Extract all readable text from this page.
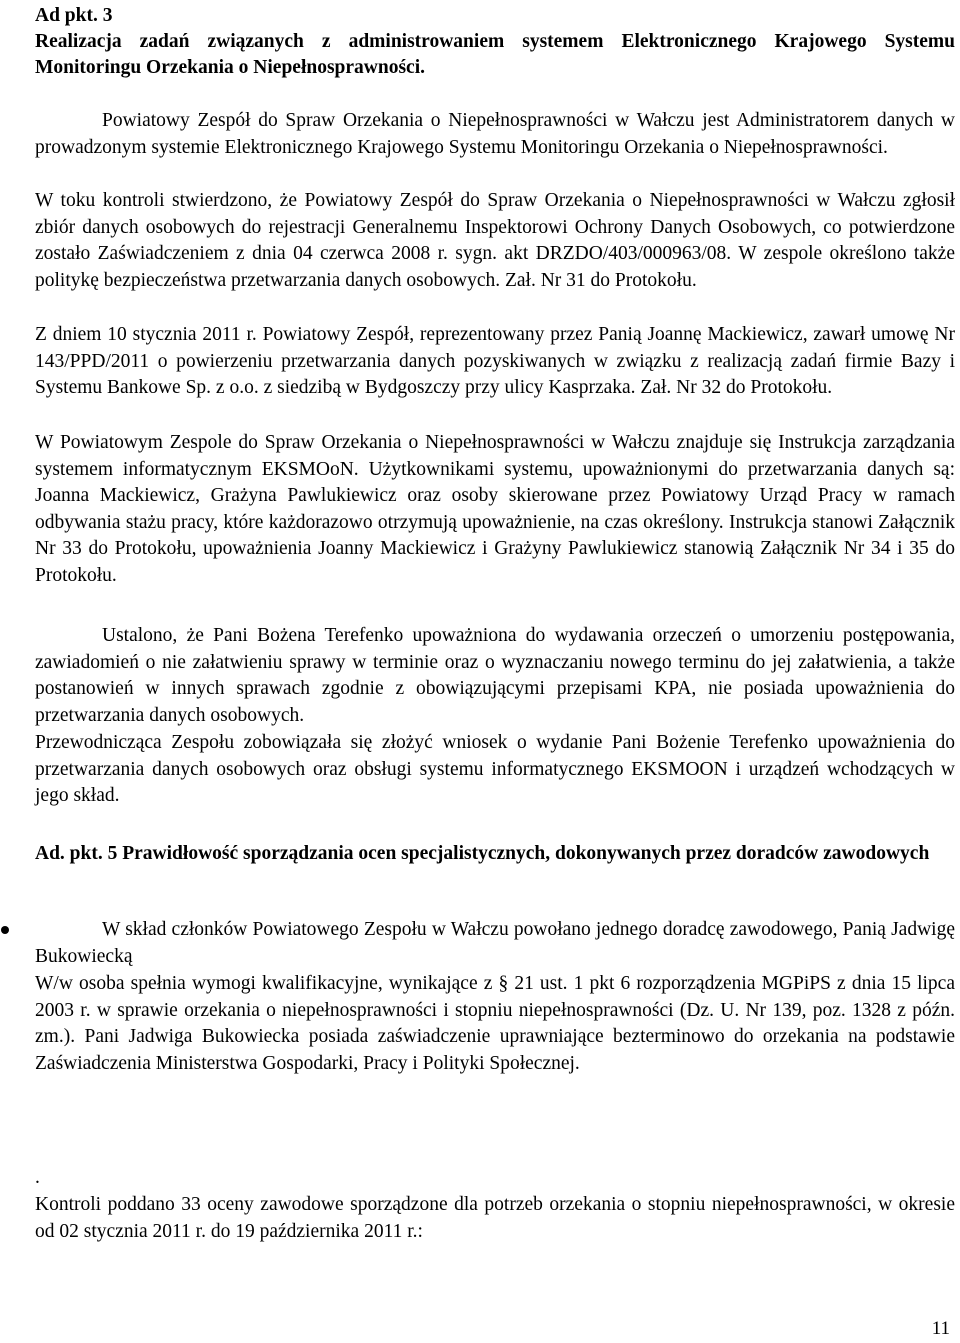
Ad pkt. 3

Realizacja zadań związanych z administrowaniem systemem Elektronicznego Krajowego Systemu Monitoringu Orzekania o Niepełnosprawności.

Powiatowy Zespół do Spraw Orzekania o Niepełnosprawności w Wałczu jest Administratorem danych w prowadzonym systemie Elektronicznego Krajowego Systemu Monitoringu Orzekania o Niepełnosprawności.

W toku kontroli stwierdzono, że Powiatowy Zespół do Spraw Orzekania o Niepełnosprawności w Wałczu zgłosił zbiór danych osobowych do rejestracji Generalnemu Inspektorowi Ochrony Danych Osobowych, co potwierdzone zostało Zaświadczeniem z dnia 04 czerwca 2008 r. sygn. akt DRZDO/403/000963/08. W zespole określono także politykę bezpieczeństwa przetwarzania danych osobowych. Zał. Nr 31 do Protokołu.

Z dniem 10 stycznia 2011 r. Powiatowy Zespół, reprezentowany przez Panią Joannę Mackiewicz, zawarł umowę Nr 143/PPD/2011 o powierzeniu przetwarzania danych pozyskiwanych w związku z realizacją zadań firmie Bazy i Systemu Bankowe Sp. z o.o. z siedzibą w Bydgoszczy przy ulicy Kasprzaka. Zał. Nr 32 do Protokołu.

W Powiatowym Zespole do Spraw Orzekania o Niepełnosprawności w Wałczu znajduje się Instrukcja zarządzania systemem informatycznym EKSMOoN. Użytkownikami systemu, upoważnionymi do przetwarzania danych są: Joanna Mackiewicz, Grażyna Pawlukiewicz oraz osoby skierowane przez Powiatowy Urząd Pracy w ramach odbywania stażu pracy, które każdorazowo otrzymują upoważnienie, na czas określony. Instrukcja stanowi Załącznik Nr 33 do Protokołu, upoważnienia Joanny Mackiewicz i Grażyny Pawlukiewicz stanowią Załącznik Nr 34 i 35 do Protokołu.

Ustalono, że Pani Bożena Terefenko upoważniona do wydawania orzeczeń o umorzeniu postępowania, zawiadomień o nie załatwieniu sprawy w terminie oraz o wyznaczaniu nowego terminu do jej załatwienia, a także postanowień w innych sprawach zgodnie z obowiązującymi przepisami KPA, nie posiada upoważnienia do przetwarzania danych osobowych.

Przewodnicząca Zespołu zobowiązała się złożyć wniosek o wydanie Pani Bożenie Terefenko upoważnienia do przetwarzania danych osobowych oraz obsługi systemu informatycznego EKSMOON i urządzeń wchodzących w jego skład.

Ad. pkt. 5 Prawidłowość sporządzania ocen specjalistycznych, dokonywanych przez doradców zawodowych

W skład członków Powiatowego Zespołu w Wałczu powołano jednego doradcę zawodowego, Panią Jadwigę Bukowiecką

W/w osoba spełnia wymogi kwalifikacyjne, wynikające z § 21 ust. 1 pkt 6 rozporządzenia MGPiPS z dnia 15 lipca 2003 r. w sprawie orzekania o niepełnosprawności i stopniu niepełnosprawności (Dz. U. Nr 139, poz. 1328 z późn. zm.). Pani Jadwiga Bukowiecka posiada zaświadczenie uprawniające bezterminowo do orzekania na podstawie Zaświadczenia Ministerstwa Gospodarki, Pracy i Polityki Społecznej.

.

Kontroli poddano 33 oceny zawodowe sporządzone dla potrzeb orzekania o stopniu niepełnosprawności, w okresie od 02 stycznia 2011 r. do 19 października 2011 r.:

11
